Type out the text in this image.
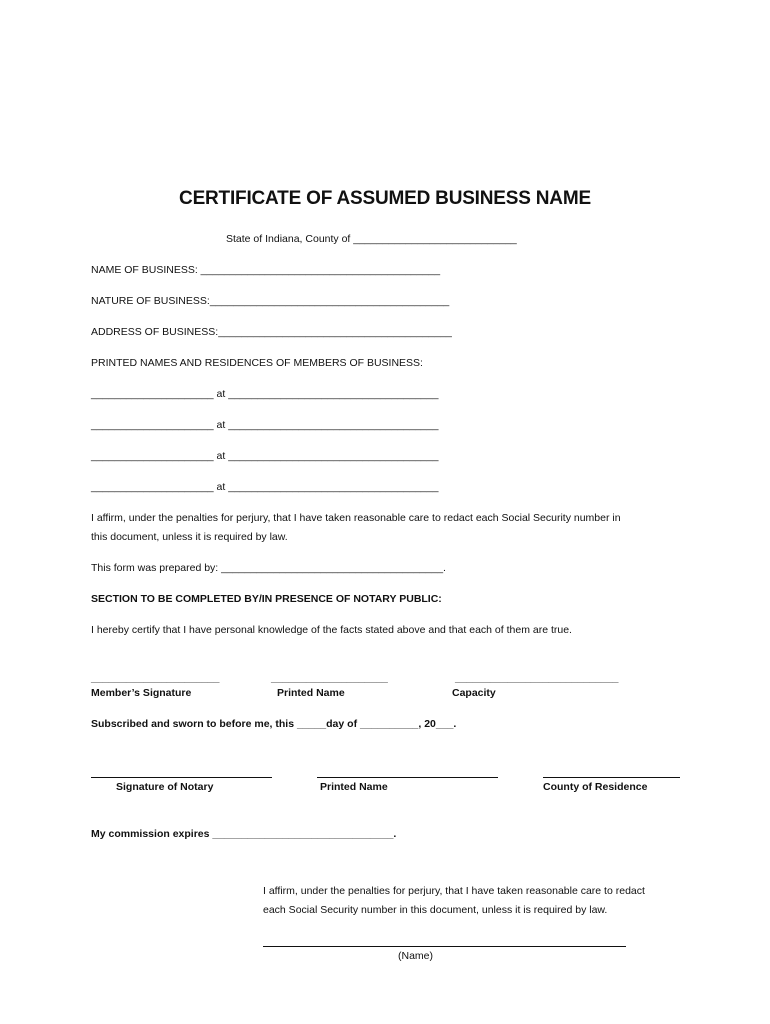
CERTIFICATE OF ASSUMED BUSINESS NAME
State of Indiana, County of ____________________________
NAME OF BUSINESS: _________________________________________
NATURE OF BUSINESS:_________________________________________
ADDRESS OF BUSINESS:________________________________________
PRINTED NAMES AND RESIDENCES OF MEMBERS OF BUSINESS:
_____________________ at ____________________________________
_____________________ at ____________________________________
_____________________ at ____________________________________
_____________________ at ____________________________________
I affirm, under the penalties for perjury, that I have taken reasonable care to redact each Social Security number in
this document, unless it is required by law.
This form was prepared by: ______________________________________.
SECTION TO BE COMPLETED BY/IN PRESENCE OF NOTARY PUBLIC:
I hereby certify that I have personal knowledge of the facts stated above and that each of them are true.
______________________	____________________	____________________________
Member’s Signature	Printed Name	Capacity
Subscribed and sworn to before me, this _____day of __________, 20___.
Signature of Notary	Printed Name	County of Residence
My commission expires _______________________________.
I affirm, under the penalties for perjury, that I have taken reasonable care to redact
each Social Security number in this document, unless it is required by law.
(Name)
